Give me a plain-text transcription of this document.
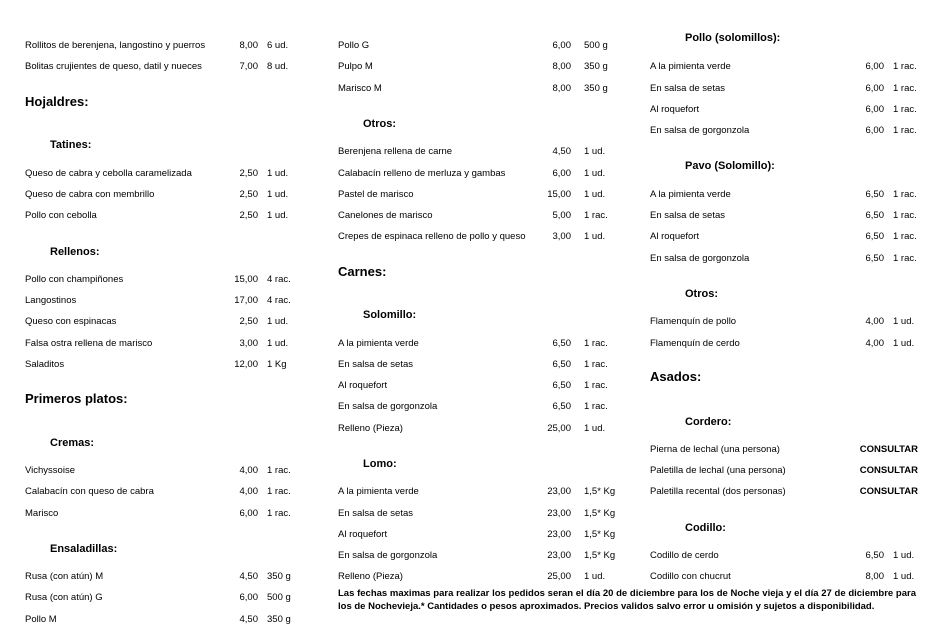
Rollitos de berenjena, langostino y puerros	8,00 6 ud.
Bolitas crujientes de queso, datil y nueces	7,00 8 ud.
Hojaldres:
Tatines:
Queso de cabra y cebolla caramelizada	2,50 1 ud.
Queso de cabra con membrillo	2,50 1 ud.
Pollo con cebolla	2,50 1 ud.
Rellenos:
Pollo con champiñones	15,00 4 rac.
Langostinos	17,00 4 rac.
Queso con espinacas	2,50 1 ud.
Falsa ostra rellena de marisco	3,00 1 ud.
Saladitos	12,00 1 Kg
Primeros platos:
Cremas:
Vichyssoise	4,00 1 rac.
Calabacín con queso de cabra	4,00 1 rac.
Marisco	6,00 1 rac.
Ensaladillas:
Rusa (con atún) M	4,50 350 g
Rusa (con atún) G	6,00 500 g
Pollo M	4,50 350 g
Pollo G	6,00 500 g
Pulpo M	8,00 350 g
Marisco M	8,00 350 g
Otros:
Berenjena rellena de carne	4,50 1 ud.
Calabacín relleno de merluza y gambas	6,00 1 ud.
Pastel de marisco	15,00 1 ud.
Canelones de marisco	5,00 1 rac.
Crepes de espinaca relleno de pollo y queso	3,00 1 ud.
Carnes:
Solomillo:
A la pimienta verde	6,50 1 rac.
En salsa de setas	6,50 1 rac.
Al roquefort	6,50 1 rac.
En salsa de gorgonzola	6,50 1 rac.
Relleno (Pieza)	25,00 1 ud.
Lomo:
A la pimienta verde	23,00 1,5* Kg
En salsa de setas	23,00 1,5* Kg
Al roquefort	23,00 1,5* Kg
En salsa de gorgonzola	23,00 1,5* Kg
Relleno (Pieza)	25,00 1 ud.
Pollo (solomillos):
A la pimienta verde	6,00 1 rac.
En salsa de setas	6,00 1 rac.
Al roquefort	6,00 1 rac.
En salsa de gorgonzola	6,00 1 rac.
Pavo (Solomillo):
A la pimienta verde	6,50 1 rac.
En salsa de setas	6,50 1 rac.
Al roquefort	6,50 1 rac.
En salsa de gorgonzola	6,50 1 rac.
Otros:
Flamenquín de pollo	4,00 1 ud.
Flamenquín de cerdo	4,00 1 ud.
Asados:
Cordero:
Pierna de lechal (una persona)	CONSULTAR
Paletilla de lechal (una persona)	CONSULTAR
Paletilla recental (dos personas)	CONSULTAR
Codillo:
Codillo de cerdo	6,50 1 ud.
Codillo con chucrut	8,00 1 ud.
Las fechas maximas para realizar los pedidos seran el día 20 de diciembre para los de Noche vieja y el día 27 de diciembre para los de Nochevieja.* Cantidades o pesos aproximados. Precios validos salvo error u omisión y sujetos a disponibilidad.
